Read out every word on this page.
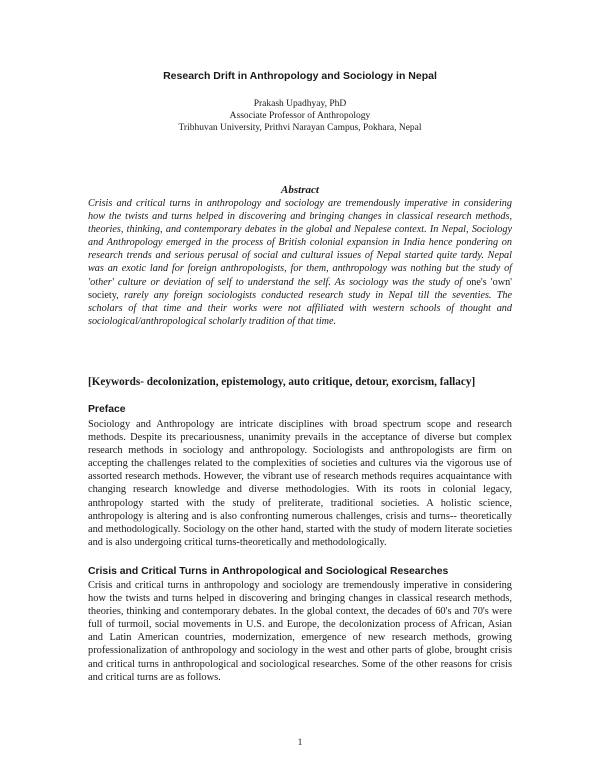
Research Drift in Anthropology and Sociology in Nepal
Prakash Upadhyay, PhD
Associate Professor of Anthropology
Tribhuvan University, Prithvi Narayan Campus, Pokhara, Nepal
Abstract

Crisis and critical turns in anthropology and sociology are tremendously imperative in considering how the twists and turns helped in discovering and bringing changes in classical research methods, theories, thinking, and contemporary debates in the global and Nepalese context. In Nepal, Sociology and Anthropology emerged in the process of British colonial expansion in India hence pondering on research trends and serious perusal of social and cultural issues of Nepal started quite tardy. Nepal was an exotic land for foreign anthropologists, for them, anthropology was nothing but the study of 'other' culture or deviation of self to understand the self. As sociology was the study of one's 'own' society, rarely any foreign sociologists conducted research study in Nepal till the seventies. The scholars of that time and their works were not affiliated with western schools of thought and sociological/anthropological scholarly tradition of that time.

[Keywords- decolonization, epistemology, auto critique, detour, exorcism, fallacy]
Preface

Sociology and Anthropology are intricate disciplines with broad spectrum scope and research methods. Despite its precariousness, unanimity prevails in the acceptance of diverse but complex research methods in sociology and anthropology. Sociologists and anthropologists are firm on accepting the challenges related to the complexities of societies and cultures via the vigorous use of assorted research methods. However, the vibrant use of research methods requires acquaintance with changing research knowledge and diverse methodologies. With its roots in colonial legacy, anthropology started with the study of preliterate, traditional societies. A holistic science, anthropology is altering and is also confronting numerous challenges, crisis and turns-- theoretically and methodologically. Sociology on the other hand, started with the study of modern literate societies and is also undergoing critical turns-theoretically and methodologically.

Crisis and Critical Turns in Anthropological and Sociological Researches

Crisis and critical turns in anthropology and sociology are tremendously imperative in considering how the twists and turns helped in discovering and bringing changes in classical research methods, theories, thinking and contemporary debates. In the global context, the decades of 60's and 70's were full of turmoil, social movements in U.S. and Europe, the decolonization process of African, Asian and Latin American countries, modernization, emergence of new research methods, growing professionalization of anthropology and sociology in the west and other parts of globe, brought crisis and critical turns in anthropological and sociological researches. Some of the other reasons for crisis and critical turns are as follows.

1
